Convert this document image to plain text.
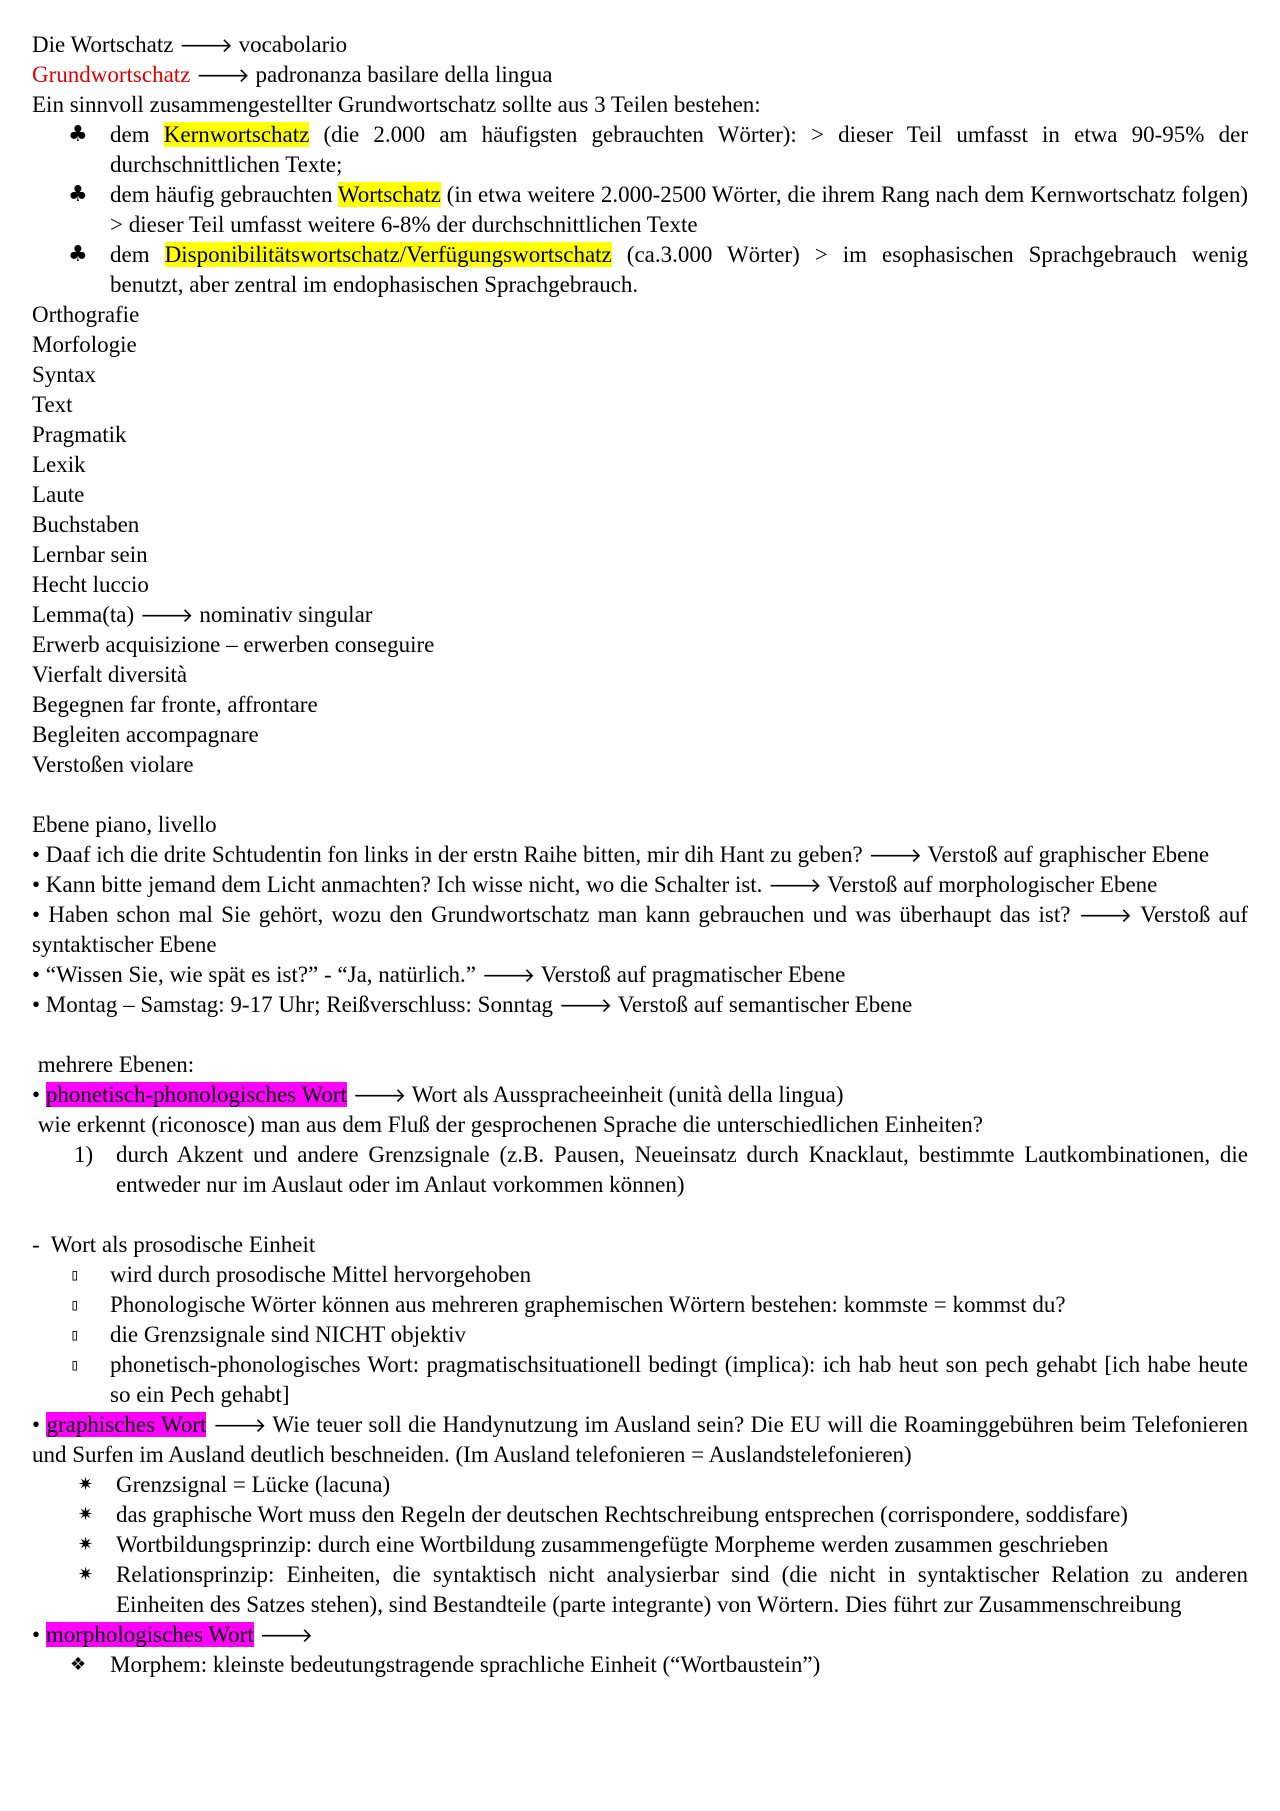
Die Wortschatz 🡒 vocabolario
Grundwortschatz 🡒 padronanza basilare della lingua
Ein sinnvoll zusammengestellter Grundwortschatz sollte aus 3 Teilen bestehen:
♣ dem Kernwortschatz (die 2.000 am häufigsten gebrauchten Wörter): > dieser Teil umfasst in etwa 90-95% der durchschnittlichen Texte;
♣ dem häufig gebrauchten Wortschatz (in etwa weitere 2.000-2500 Wörter, die ihrem Rang nach dem Kernwortschatz folgen) > dieser Teil umfasst weitere 6-8% der durchschnittlichen Texte
♣ dem Disponibilitätswortschatz/Verfügungswortschatz (ca.3.000 Wörter) > im esophasischen Sprachgebrauch wenig benutzt, aber zentral im endophasischen Sprachgebrauch.
Orthografie
Morfologie
Syntax
Text
Pragmatik
Lexik
Laute
Buchstaben
Lernbar sein
Hecht luccio
Lemma(ta) 🡒 nominativ singular
Erwerb acquisizione – erwerben conseguire
Vierfalt diversità
Begegnen far fronte, affrontare
Begleiten accompagnare
Verstoßen violare
Ebene piano, livello
• Daaf ich die drite Schtudentin fon links in der erstn Raihe bitten, mir dih Hant zu geben? 🡒 Verstoß auf graphischer Ebene
• Kann bitte jemand dem Licht anmachten? Ich wisse nicht, wo die Schalter ist. 🡒 Verstoß auf morphologischer Ebene
• Haben schon mal Sie gehört, wozu den Grundwortschatz man kann gebrauchen und was überhaupt das ist? 🡒 Verstoß auf syntaktischer Ebene
• “Wissen Sie, wie spät es ist?” - “Ja, natürlich.” 🡒 Verstoß auf pragmatischer Ebene
• Montag – Samstag: 9-17 Uhr; Reißverschluss: Sonntag 🡒 Verstoß auf semantischer Ebene
mehrere Ebenen:
• phonetisch-phonologisches Wort 🡒 Wort als Ausspracheeinheit (unità della lingua)
wie erkennt (riconosce) man aus dem Fluß der gesprochenen Sprache die unterschiedlichen Einheiten?
1) durch Akzent und andere Grenzsignale (z.B. Pausen, Neueinsatz durch Knacklaut, bestimmte Lautkombinationen, die entweder nur im Auslaut oder im Anlaut vorkommen können)
-  Wort als prosodische Einheit
▯ wird durch prosodische Mittel hervorgehoben
▯ Phonologische Wörter können aus mehreren graphemischen Wörtern bestehen: kommste = kommst du?
▯ die Grenzsignale sind NICHT objektiv
▯ phonetisch-phonologisches Wort: pragmatischsituationell bedingt (implica): ich hab heut son pech gehabt [ich habe heute so ein Pech gehabt]
• graphisches Wort 🡒 Wie teuer soll die Handynutzung im Ausland sein? Die EU will die Roaminggebühren beim Telefonieren und Surfen im Ausland deutlich beschneiden. (Im Ausland telefonieren = Auslandstelefonieren)
✷ Grenzsignal = Lücke (lacuna)
✷ das graphische Wort muss den Regeln der deutschen Rechtschreibung entsprechen (corrispondere, soddisfare)
✷ Wortbildungsprinzip: durch eine Wortbildung zusammengefügte Morpheme werden zusammen geschrieben
✷ Relationsprinzip: Einheiten, die syntaktisch nicht analysierbar sind (die nicht in syntaktischer Relation zu anderen Einheiten des Satzes stehen), sind Bestandteile (parte integrante) von Wörtern. Dies führt zur Zusammenschreibung
• morphologisches Wort 🡒
❖ Morphem: kleinste bedeutungstragende sprachliche Einheit (“Wortbaustein”)
